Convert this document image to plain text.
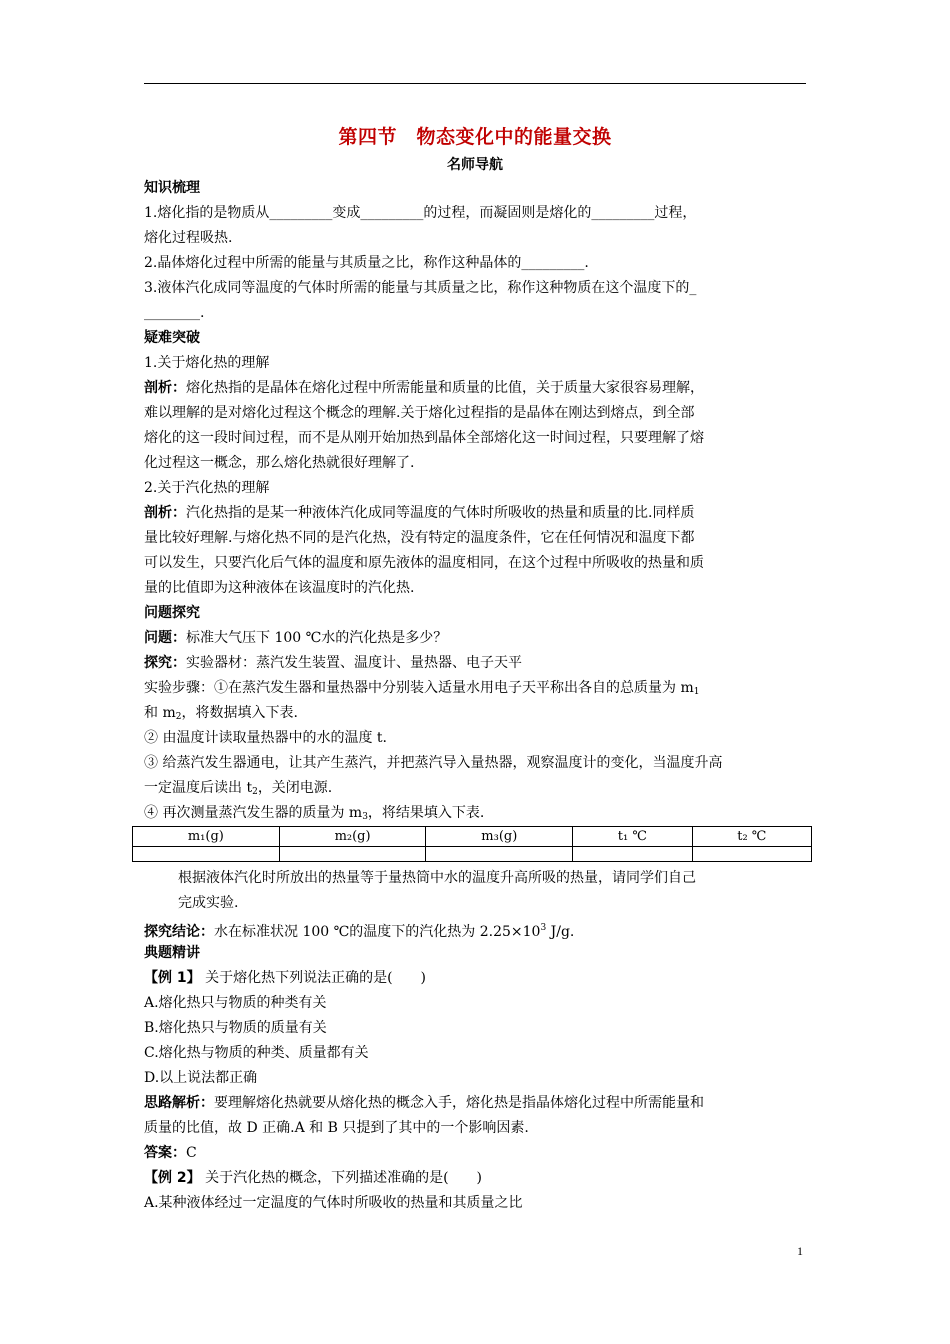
第四节　物态变化中的能量交换
名师导航
知识梳理
1.熔化指的是物质从_________变成_________的过程，而凝固则是熔化的_________过程，
熔化过程吸热.
2.晶体熔化过程中所需的能量与其质量之比，称作这种晶体的_________.
3.液体汽化成同等温度的气体时所需的能量与其质量之比，称作这种物质在这个温度下的_
________.
疑难突破
1.关于熔化热的理解
剖析：熔化热指的是晶体在熔化过程中所需能量和质量的比值，关于质量大家很容易理解，
难以理解的是对熔化过程这个概念的理解.关于熔化过程指的是晶体在刚达到熔点，到全部
熔化的这一段时间过程，而不是从刚开始加热到晶体全部熔化这一时间过程，只要理解了熔
化过程这一概念，那么熔化热就很好理解了.
2.关于汽化热的理解
剖析：汽化热指的是某一种液体汽化成同等温度的气体时所吸收的热量和质量的比.同样质
量比较好理解.与熔化热不同的是汽化热，没有特定的温度条件，它在任何情况和温度下都
可以发生，只要汽化后气体的温度和原先液体的温度相同，在这个过程中所吸收的热量和质
量的比值即为这种液体在该温度时的汽化热.
问题探究
问题：标准大气压下 100 ℃水的汽化热是多少？
探究：实验器材：蒸汽发生装置、温度计、量热器、电子天平
实验步骤：①在蒸汽发生器和量热器中分别装入适量水用电子天平称出各自的总质量为 $m_1$
和 $m_2$，将数据填入下表.
② 由温度计读取量热器中的水的温度 t.
③ 给蒸汽发生器通电，让其产生蒸汽，并把蒸汽导入量热器，观察温度计的变化，当温度升高
一定温度后读出 $t_2$，关闭电源.
④ 再次测量蒸汽发生器的质量为 $m_3$，将结果填入下表.
m₁(g)	m₂(g)	m₃(g)	t₁ ℃	t₂ ℃

根据液体汽化时所放出的热量等于量热筒中水的温度升高所吸的热量，请同学们自己
完成实验.
探究结论：水在标准状况 100 ℃的温度下的汽化热为 $2.25\times 10^3$ J/g.
典题精讲
【例 1】 关于熔化热下列说法正确的是(　　)
A.熔化热只与物质的种类有关
B.熔化热只与物质的质量有关
C.熔化热与物质的种类、质量都有关
D.以上说法都正确
思路解析：要理解熔化热就要从熔化热的概念入手，熔化热是指晶体熔化过程中所需能量和
质量的比值，故 D 正确.A 和 B 只提到了其中的一个影响因素.
答案：C
【例 2】 关于汽化热的概念，下列描述准确的是(　　)
A.某种液体经过一定温度的气体时所吸收的热量和其质量之比
1
